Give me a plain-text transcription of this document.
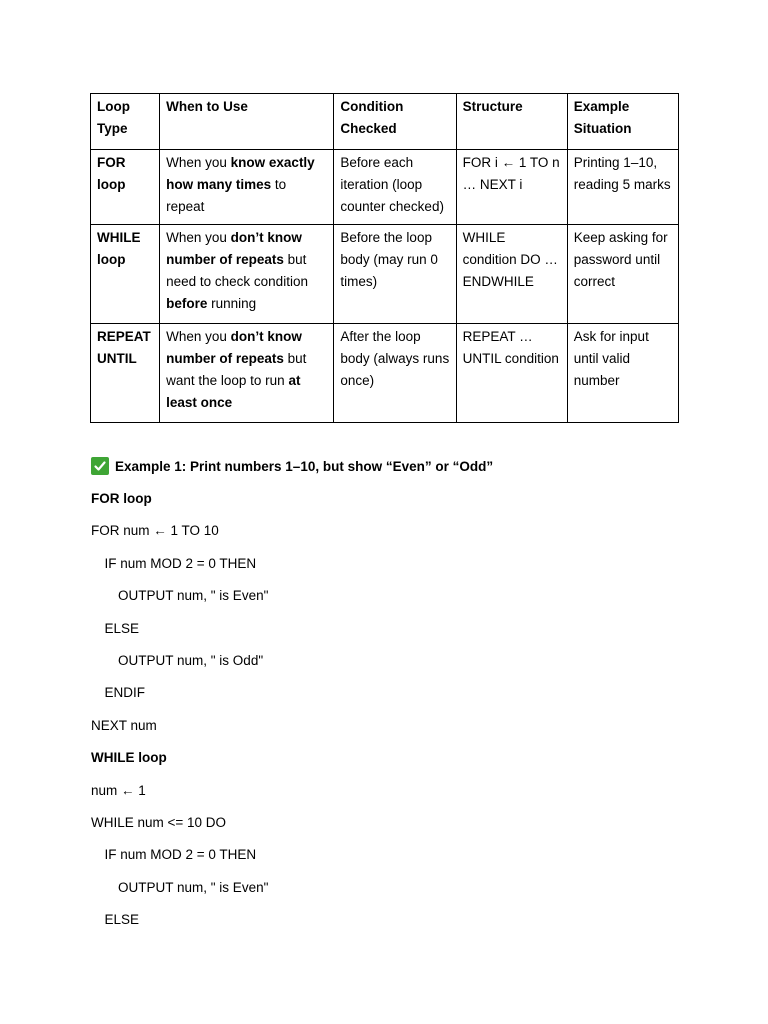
Loop Type	When to Use	Condition Checked	Structure	Example Situation
FOR loop	When you know exactly how many times to repeat	Before each iteration (loop counter checked)	FOR i ← 1 TO n … NEXT i	Printing 1–10, reading 5 marks
WHILE loop	When you don’t know number of repeats but need to check condition before running	Before the loop body (may run 0 times)	WHILE condition DO … ENDWHILE	Keep asking for password until correct
REPEAT UNTIL	When you don’t know number of repeats but want the loop to run at least once	After the loop body (always runs once)	REPEAT … UNTIL condition	Ask for input until valid number
Example 1: Print numbers 1–10, but show “Even” or “Odd”
FOR loop
FOR num ← 1 TO 10
IF num MOD 2 = 0 THEN
OUTPUT num, " is Even"
ELSE
OUTPUT num, " is Odd"
ENDIF
NEXT num
WHILE loop
num ← 1
WHILE num <= 10 DO
IF num MOD 2 = 0 THEN
OUTPUT num, " is Even"
ELSE
